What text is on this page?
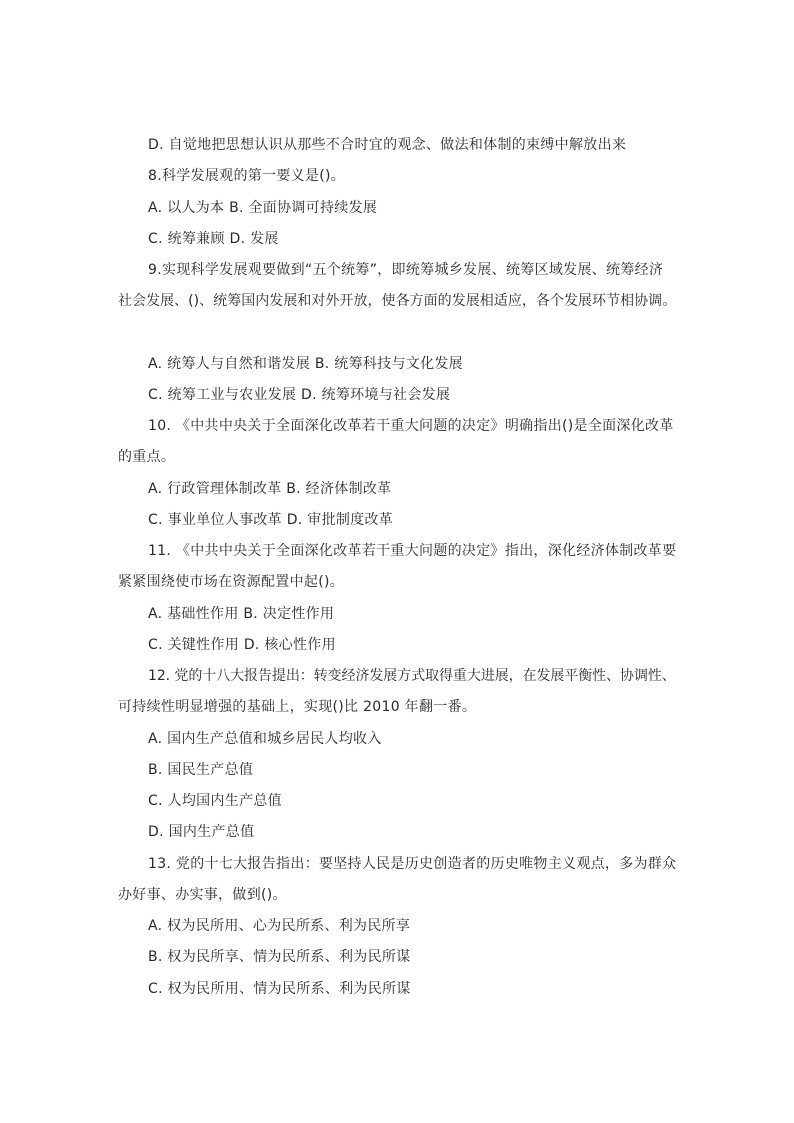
D. 自觉地把思想认识从那些不合时宜的观念、做法和体制的束缚中解放出来
8.科学发展观的第一要义是()。
A. 以人为本 B. 全面协调可持续发展
C. 统筹兼顾 D. 发展
9.实现科学发展观要做到“五个统筹”，即统筹城乡发展、统筹区域发展、统筹经济
社会发展、()、统筹国内发展和对外开放，使各方面的发展相适应，各个发展环节相协调。
A. 统筹人与自然和谐发展 B. 统筹科技与文化发展
C. 统筹工业与农业发展 D. 统筹环境与社会发展
10. 《中共中央关于全面深化改革若干重大问题的决定》明确指出()是全面深化改革
的重点。
A. 行政管理体制改革 B. 经济体制改革
C. 事业单位人事改革 D. 审批制度改革
11. 《中共中央关于全面深化改革若干重大问题的决定》指出，深化经济体制改革要
紧紧围绕使市场在资源配置中起()。
A. 基础性作用 B. 决定性作用
C. 关键性作用 D. 核心性作用
12. 党的十八大报告提出：转变经济发展方式取得重大进展，在发展平衡性、协调性、
可持续性明显增强的基础上，实现()比 2010 年翻一番。
A. 国内生产总值和城乡居民人均收入
B. 国民生产总值
C. 人均国内生产总值
D. 国内生产总值
13. 党的十七大报告指出：要坚持人民是历史创造者的历史唯物主义观点，多为群众
办好事、办实事，做到()。
A. 权为民所用、心为民所系、利为民所享
B. 权为民所享、情为民所系、利为民所谋
C. 权为民所用、情为民所系、利为民所谋
